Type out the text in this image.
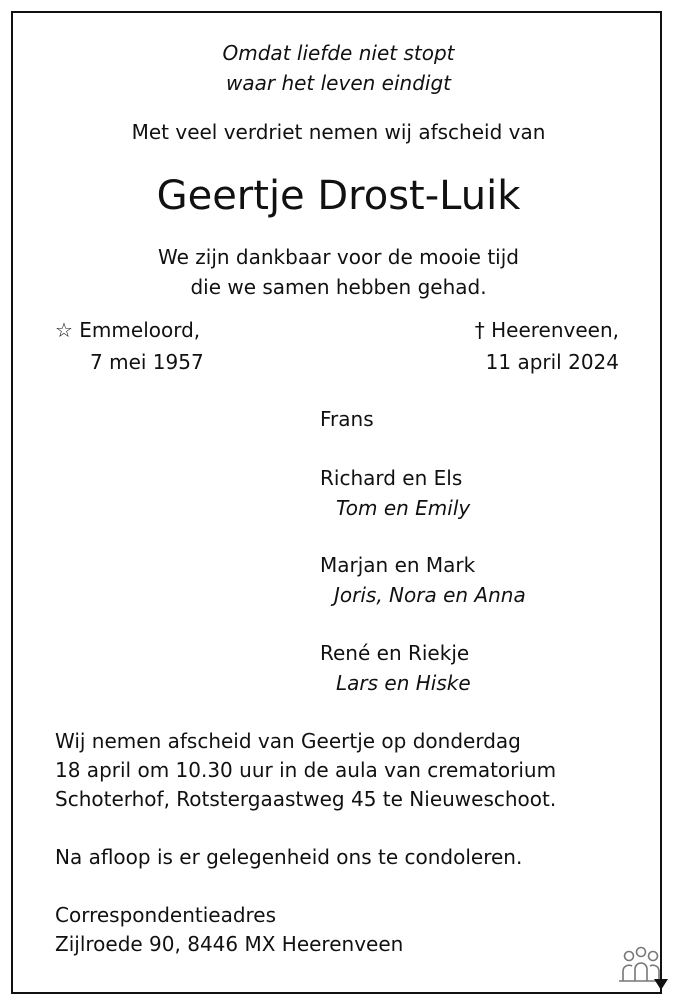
Omdat liefde niet stopt
waar het leven eindigt
Met veel verdriet nemen wij afscheid van
Geertje Drost-Luik
We zijn dankbaar voor de mooie tijd
die we samen hebben gehad.
☆ Emmeloord,
7 mei 1957
† Heerenveen,
11 april 2024
Frans
Richard en Els
Tom en Emily
Marjan en Mark
Joris, Nora en Anna
René en Riekje
Lars en Hiske
Wij nemen afscheid van Geertje op donderdag
18 april om 10.30 uur in de aula van crematorium
Schoterhof, Rotstergaastweg 45 te Nieuweschoot.
Na afloop is er gelegenheid ons te condoleren.
Correspondentieadres
Zijlroede 90, 8446 MX Heerenveen
